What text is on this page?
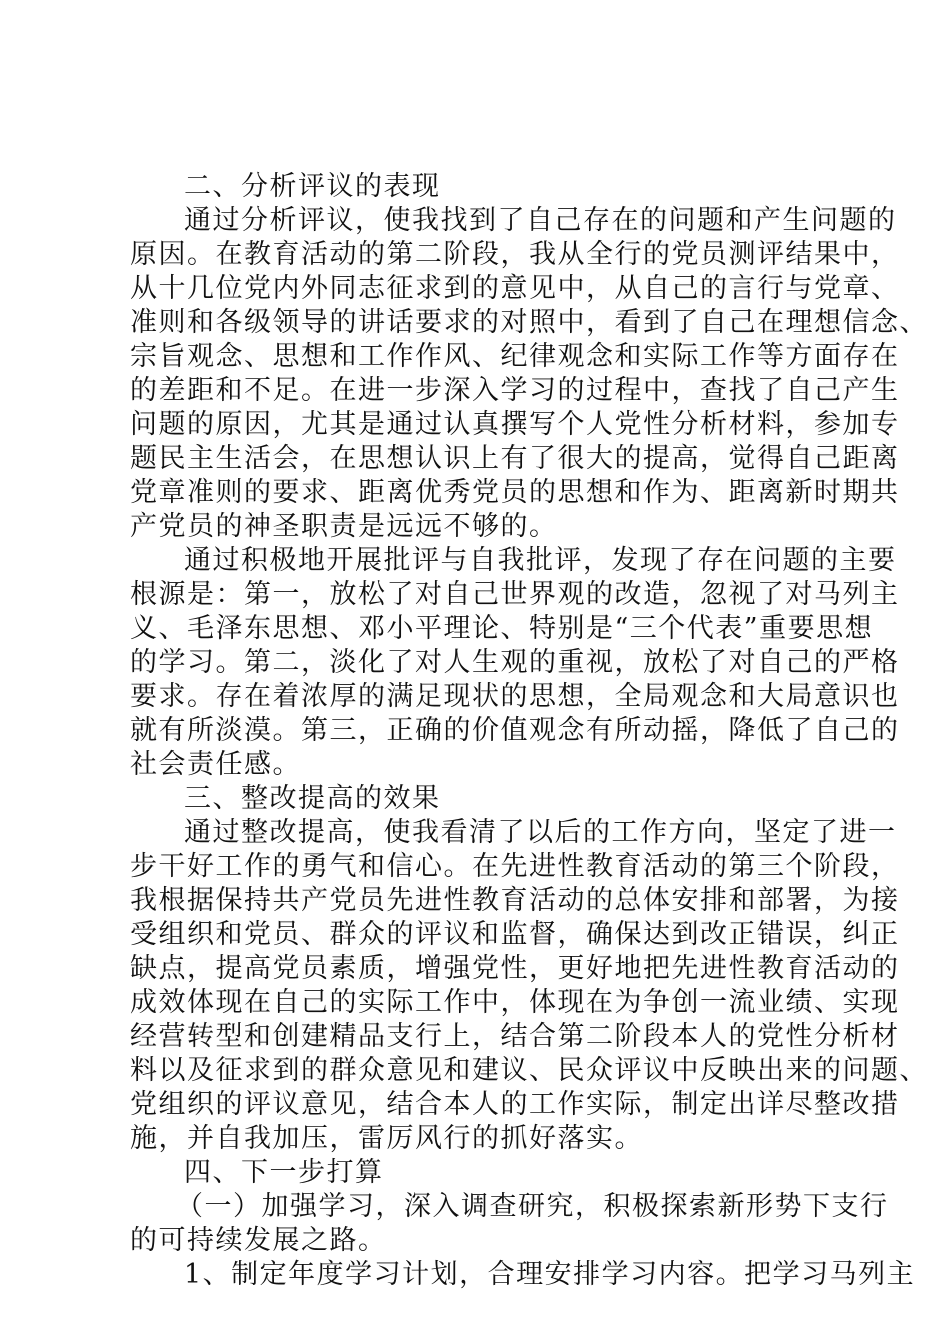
二、分析评议的表现
通过分析评议，使我找到了自己存在的问题和产生问题的
原因。在教育活动的第二阶段，我从全行的党员测评结果中，
从十几位党内外同志征求到的意见中，从自己的言行与党章、
准则和各级领导的讲话要求的对照中，看到了自己在理想信念、
宗旨观念、思想和工作作风、纪律观念和实际工作等方面存在
的差距和不足。在进一步深入学习的过程中，查找了自己产生
问题的原因，尤其是通过认真撰写个人党性分析材料，参加专
题民主生活会，在思想认识上有了很大的提高，觉得自己距离
党章准则的要求、距离优秀党员的思想和作为、距离新时期共
产党员的神圣职责是远远不够的。
通过积极地开展批评与自我批评，发现了存在问题的主要
根源是：第一，放松了对自己世界观的改造，忽视了对马列主
义、毛泽东思想、邓小平理论、特别是“三个代表”重要思想
的学习。第二，淡化了对人生观的重视，放松了对自己的严格
要求。存在着浓厚的满足现状的思想，全局观念和大局意识也
就有所淡漠。第三，正确的价值观念有所动摇，降低了自己的
社会责任感。
三、整改提高的效果
通过整改提高，使我看清了以后的工作方向，坚定了进一
步干好工作的勇气和信心。在先进性教育活动的第三个阶段，
我根据保持共产党员先进性教育活动的总体安排和部署，为接
受组织和党员、群众的评议和监督，确保达到改正错误，纠正
缺点，提高党员素质，增强党性，更好地把先进性教育活动的
成效体现在自己的实际工作中，体现在为争创一流业绩、实现
经营转型和创建精品支行上，结合第二阶段本人的党性分析材
料以及征求到的群众意见和建议、民众评议中反映出来的问题、
党组织的评议意见，结合本人的工作实际，制定出详尽整改措
施，并自我加压，雷厉风行的抓好落实。
四、下一步打算
（一）加强学习，深入调查研究，积极探索新形势下支行
的可持续发展之路。
1、制定年度学习计划，合理安排学习内容。把学习马列主
